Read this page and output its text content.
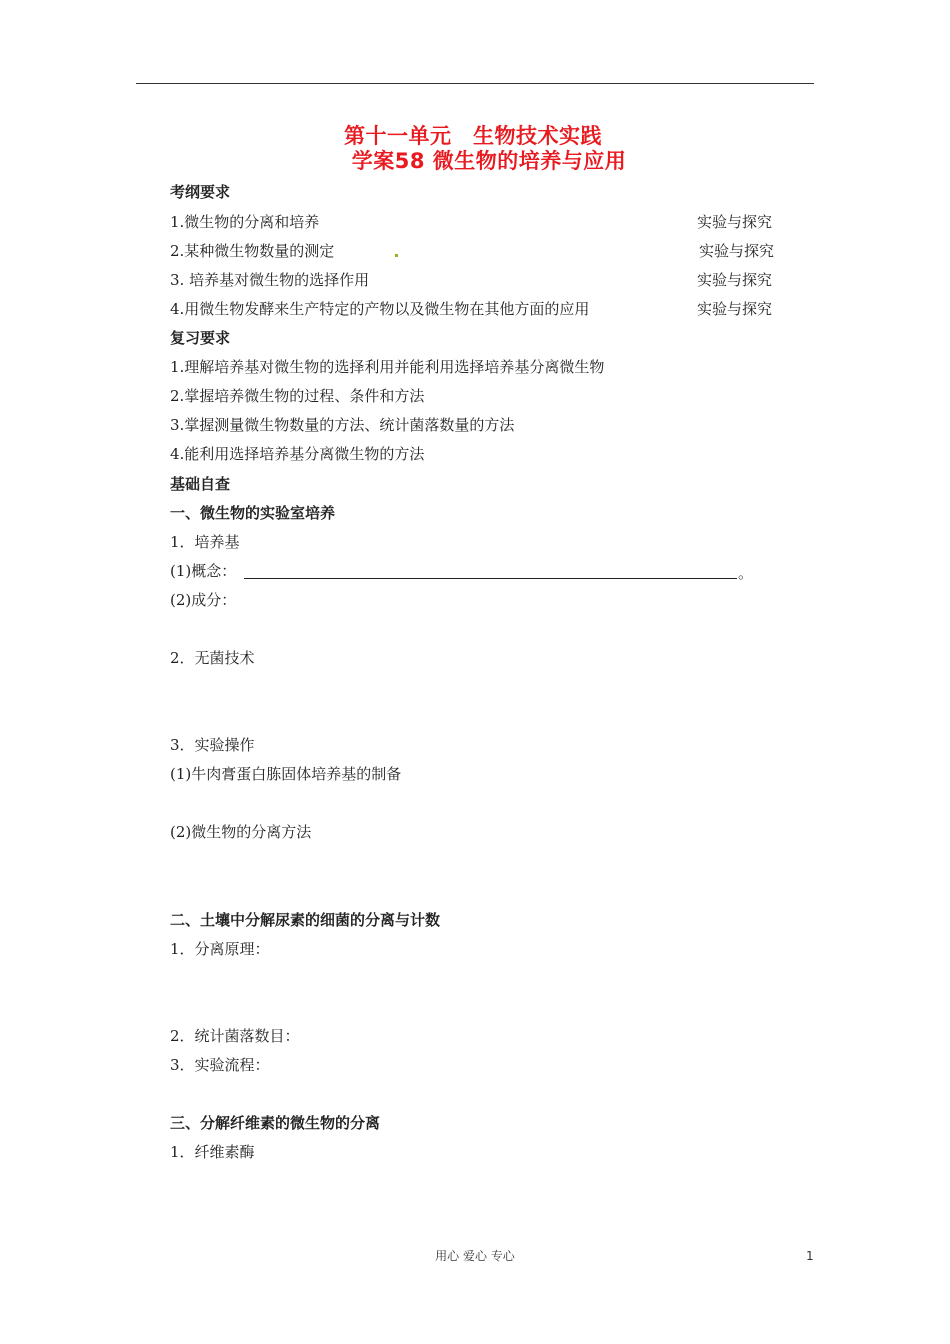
第十一单元　生物技术实践
学案58 微生物的培养与应用
考纲要求
1.微生物的分离和培养	实验与探究
2.某种微生物数量的测定	实验与探究
3. 培养基对微生物的选择作用	实验与探究
4.用微生物发酵来生产特定的产物以及微生物在其他方面的应用	实验与探究
复习要求
1.理解培养基对微生物的选择利用并能利用选择培养基分离微生物
2.掌握培养微生物的过程、条件和方法
3.掌握测量微生物数量的方法、统计菌落数量的方法
4.能利用选择培养基分离微生物的方法
基础自查
一、微生物的实验室培养
1．培养基
(1)概念：	。
(2)成分：
2．无菌技术
3．实验操作
(1)牛肉膏蛋白胨固体培养基的制备
(2)微生物的分离方法
二、土壤中分解尿素的细菌的分离与计数
1．分离原理：
2．统计菌落数目：
3．实验流程：
三、分解纤维素的微生物的分离
1．纤维素酶
用心 爱心 专心	1
